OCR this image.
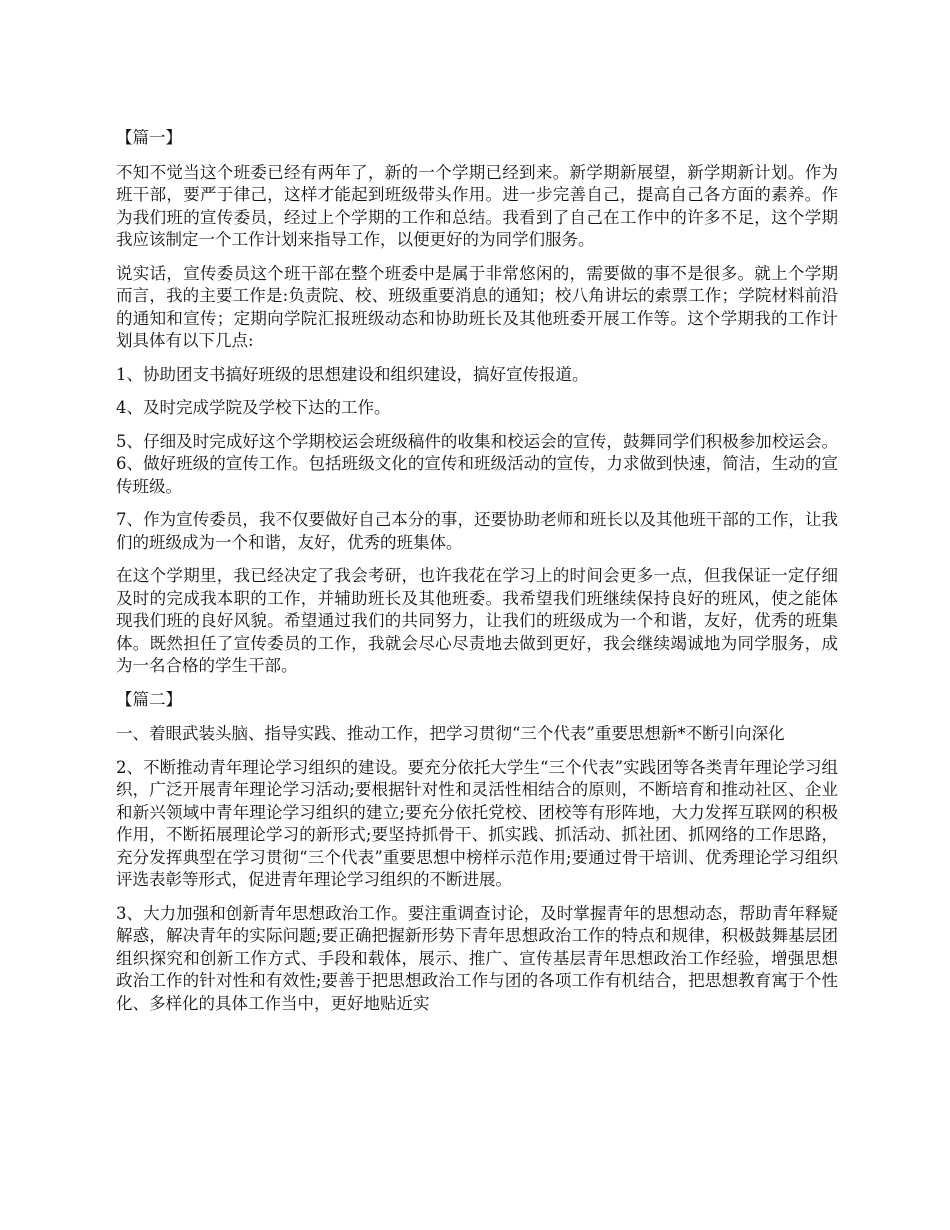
【篇一】

不知不觉当这个班委已经有两年了，新的一个学期已经到来。新学期新展望，新学期新计划。作为班干部，要严于律己，这样才能起到班级带头作用。进一步完善自己，提高自己各方面的素养。作为我们班的宣传委员，经过上个学期的工作和总结。我看到了自己在工作中的许多不足，这个学期我应该制定一个工作计划来指导工作，以便更好的为同学们服务。

说实话，宣传委员这个班干部在整个班委中是属于非常悠闲的，需要做的事不是很多。就上个学期而言，我的主要工作是:负责院、校、班级重要消息的通知；校八角讲坛的索票工作；学院材料前沿的通知和宣传；定期向学院汇报班级动态和协助班长及其他班委开展工作等。这个学期我的工作计划具体有以下几点:

1、协助团支书搞好班级的思想建设和组织建设，搞好宣传报道。

4、及时完成学院及学校下达的工作。

5、仔细及时完成好这个学期校运会班级稿件的收集和校运会的宣传，鼓舞同学们积极参加校运会。6、做好班级的宣传工作。包括班级文化的宣传和班级活动的宣传，力求做到快速，简洁，生动的宣传班级。

7、作为宣传委员，我不仅要做好自己本分的事，还要协助老师和班长以及其他班干部的工作，让我们的班级成为一个和谐，友好，优秀的班集体。

在这个学期里，我已经决定了我会考研，也许我花在学习上的时间会更多一点，但我保证一定仔细及时的完成我本职的工作，并辅助班长及其他班委。我希望我们班继续保持良好的班风，使之能体现我们班的良好风貌。希望通过我们的共同努力，让我们的班级成为一个和谐，友好，优秀的班集体。既然担任了宣传委员的工作，我就会尽心尽责地去做到更好，我会继续竭诚地为同学服务，成为一名合格的学生干部。

【篇二】

一、着眼武装头脑、指导实践、推动工作，把学习贯彻“三个代表”重要思想新*不断引向深化

2、不断推动青年理论学习组织的建设。要充分依托大学生“三个代表”实践团等各类青年理论学习组织，广泛开展青年理论学习活动;要根据针对性和灵活性相结合的原则，不断培育和推动社区、企业和新兴领域中青年理论学习组织的建立;要充分依托党校、团校等有形阵地，大力发挥互联网的积极作用，不断拓展理论学习的新形式;要坚持抓骨干、抓实践、抓活动、抓社团、抓网络的工作思路，充分发挥典型在学习贯彻“三个代表”重要思想中榜样示范作用;要通过骨干培训、优秀理论学习组织评选表彰等形式，促进青年理论学习组织的不断进展。

3、大力加强和创新青年思想政治工作。要注重调查讨论，及时掌握青年的思想动态，帮助青年释疑解惑，解决青年的实际问题;要正确把握新形势下青年思想政治工作的特点和规律，积极鼓舞基层团组织探究和创新工作方式、手段和载体，展示、推广、宣传基层青年思想政治工作经验，增强思想政治工作的针对性和有效性;要善于把思想政治工作与团的各项工作有机结合，把思想教育寓于个性化、多样化的具体工作当中，更好地贴近实
